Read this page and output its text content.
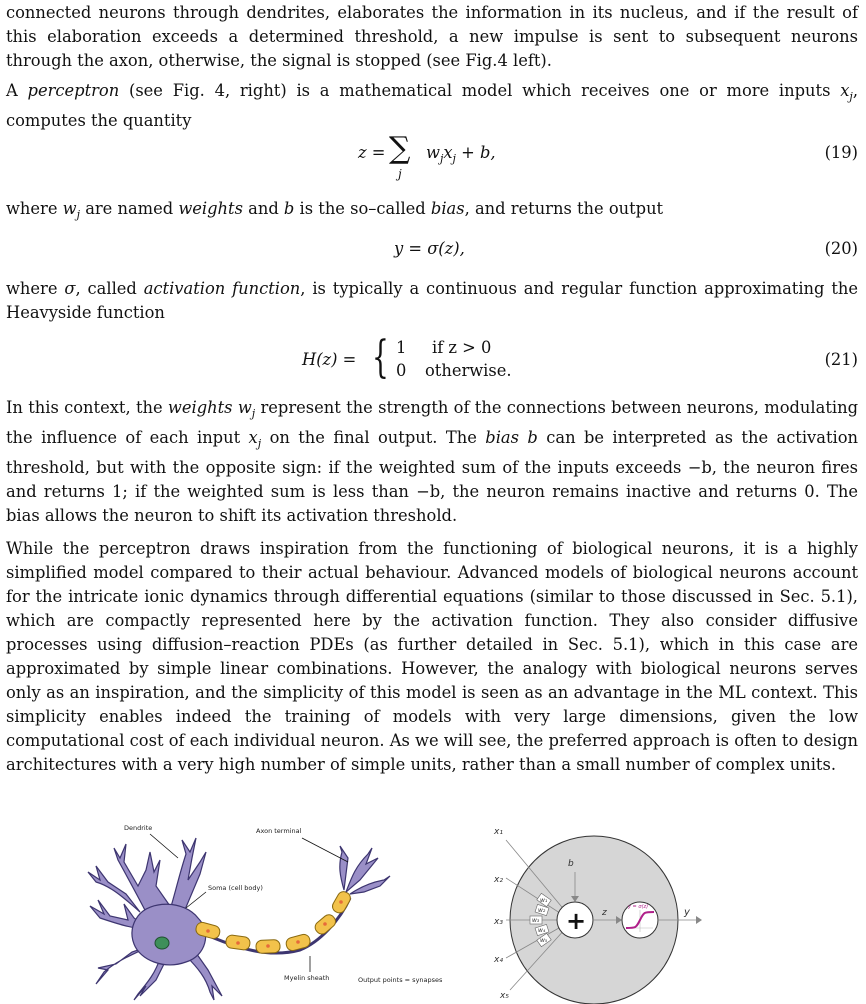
connected neurons through dendrites, elaborates the information in its nucleus, and if the result of this elaboration exceeds a determined threshold, a new impulse is sent to subsequent neurons through the axon, otherwise, the signal is stopped (see Fig.4 left).

A perceptron (see Fig. 4, right) is a mathematical model which receives one or more inputs $x_j$, computes the quantity

z = ∑
j
$w_jx_j + b$,	(19)

where $w_j$ are named weights and b is the so–called bias, and returns the output

y = σ(z),	(20)

where σ, called activation function, is typically a continuous and regular function approximating the Heavyside function

H(z) = { 1 if z > 0
0 otherwise.
(21)

In this context, the weights $w_j$ represent the strength of the connections between neurons, modulating the influence of each input $x_j$ on the final output. The bias b can be interpreted as the activation threshold, but with the opposite sign: if the weighted sum of the inputs exceeds −b, the neuron fires and returns 1; if the weighted sum is less than −b, the neuron remains inactive and returns 0. The bias allows the neuron to shift its activation threshold.

While the perceptron draws inspiration from the functioning of biological neurons, it is a highly simplified model compared to their actual behaviour. Advanced models of biological neurons account for the intricate ionic dynamics through differential equations (similar to those discussed in Sec. 5.1), which are compactly represented here by the activation function. They also consider diffusive processes using diffusion–reaction PDEs (as further detailed in Sec. 5.1), which in this case are approximated by simple linear combinations. However, the analogy with biological neurons serves only as an inspiration, and the simplicity of this model is seen as an advantage in the ML context. This simplicity enables indeed the training of models with very large dimensions, given the low computational cost of each individual neuron. As we will see, the preferred approach is often to design architectures with a very high number of simple units, rather than a small number of complex units.

Dendrite	Axon terminal
Soma (cell body)
Myelin sheath	Output points = synapses
w₁
w₂
w₃
w₄
w₅
+
b
z
y = σ(z)	y
x₁
x₂
x₃
x₄
x₅
